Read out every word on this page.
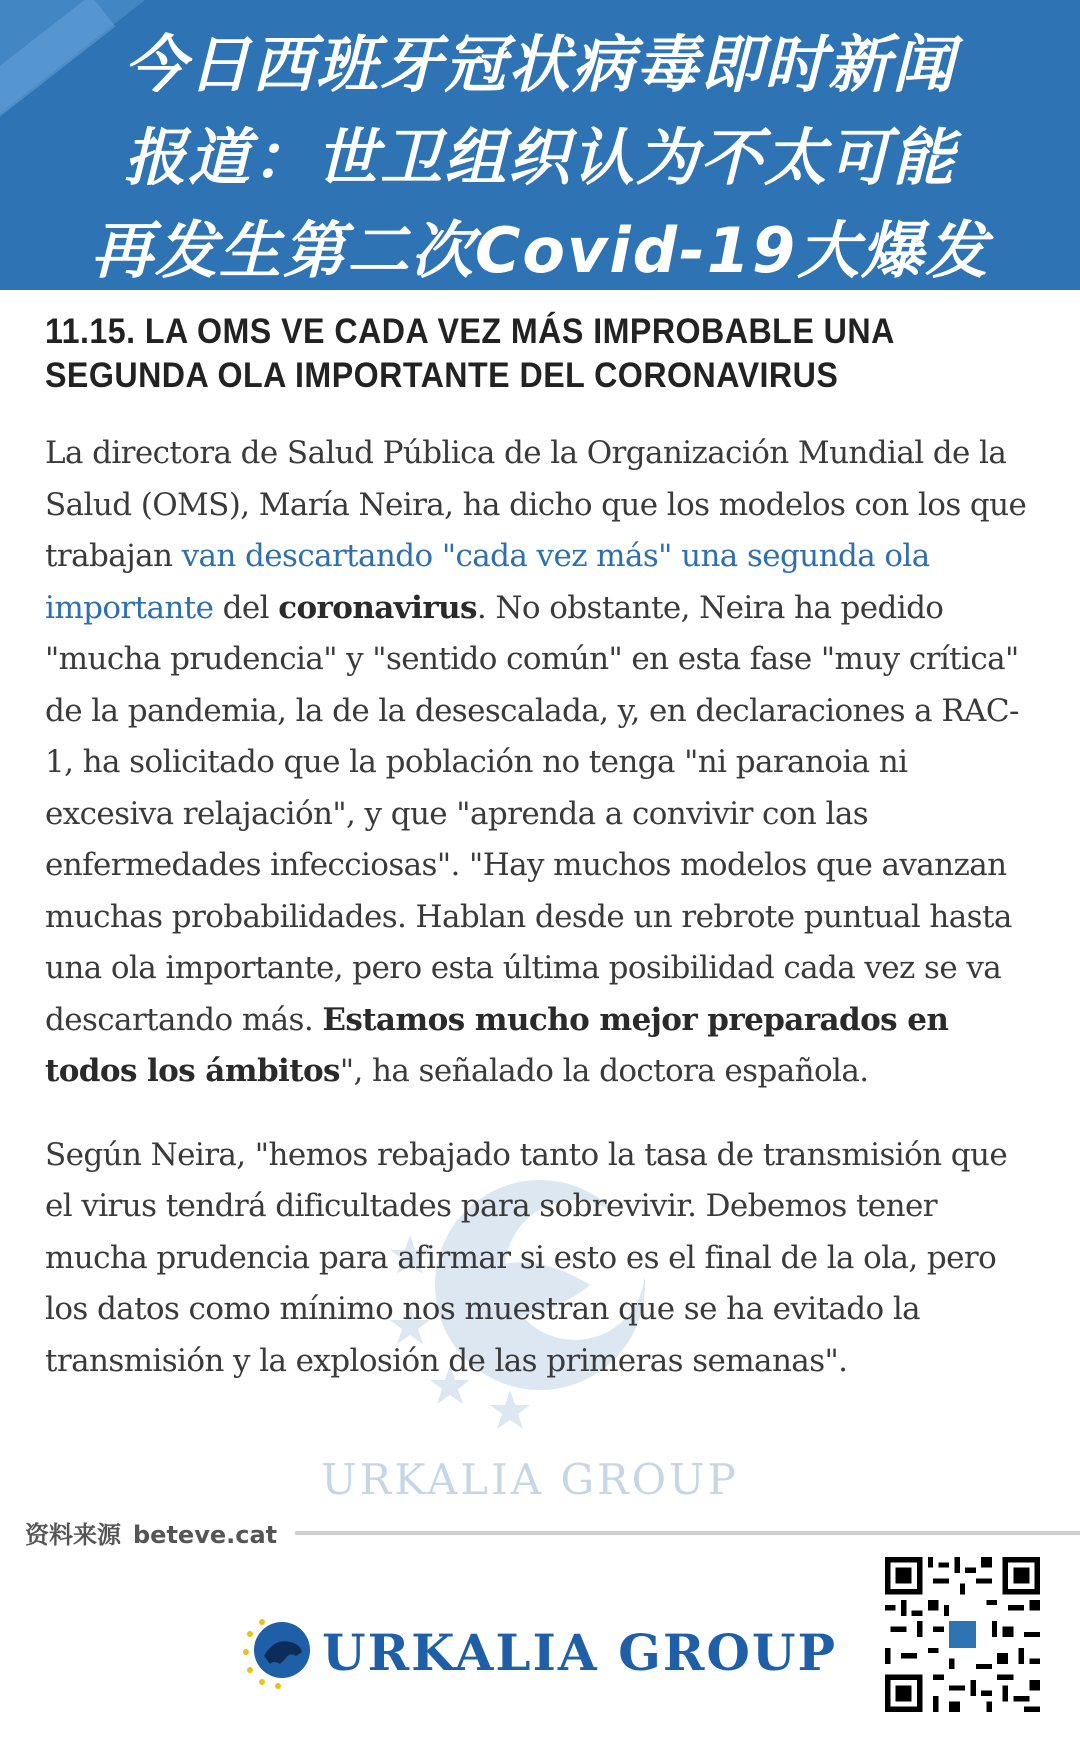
今日西班牙冠状病毒即时新闻
报道：世卫组织认为不太可能
再发生第二次Covid-19大爆发
URKALIA GROUP
11.15. LA OMS VE CADA VEZ MÁS IMPROBABLE UNA
SEGUNDA OLA IMPORTANTE DEL CORONAVIRUS

La directora de Salud Pública de la Organización Mundial de la Salud (OMS), María Neira, ha dicho que los modelos con los que trabajan van descartando "cada vez más" una segunda ola importante del coronavirus. No obstante, Neira ha pedido "mucha prudencia" y "sentido común" en esta fase "muy crítica" de la pandemia, la de la desescalada, y, en declaraciones a RAC-1, ha solicitado que la población no tenga "ni paranoia ni excesiva relajación", y que "aprenda a convivir con las enfermedades infecciosas". "Hay muchos modelos que avanzan muchas probabilidades. Hablan desde un rebrote puntual hasta una ola importante, pero esta última posibilidad cada vez se va descartando más. Estamos mucho mejor preparados en todos los ámbitos", ha señalado la doctora española.

Según Neira, "hemos rebajado tanto la tasa de transmisión que el virus tendrá dificultades para sobrevivir. Debemos tener mucha prudencia para afirmar si esto es el final de la ola, pero los datos como mínimo nos muestran que se ha evitado la transmisión y la explosión de las primeras semanas".

资料来源 beteve.cat
URKALIA GROUP
